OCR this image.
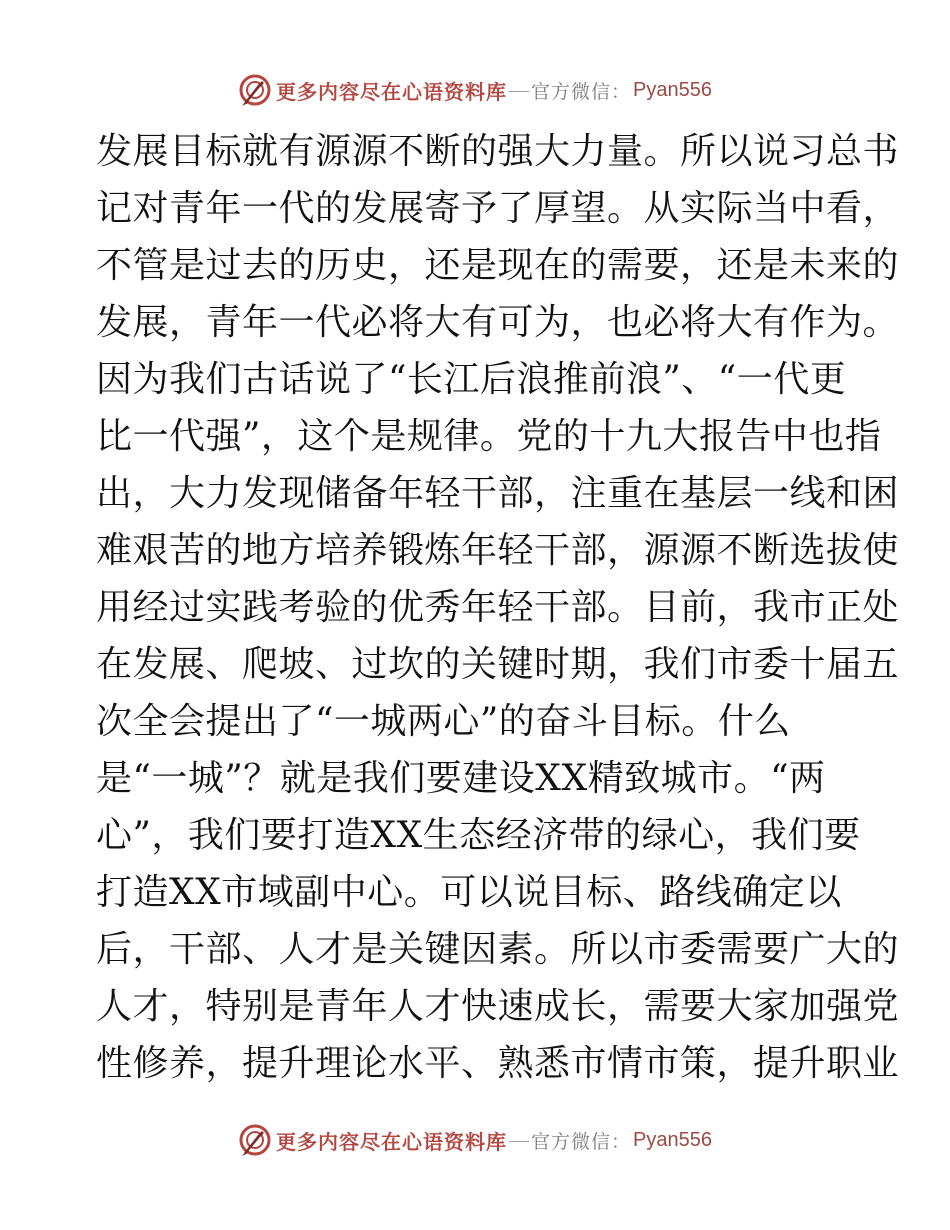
更多内容尽在心语资料库 — 官方微信： Pyan556
发展目标就有源源不断的强大力量。所以说习总书
记对青年一代的发展寄予了厚望。从实际当中看，
不管是过去的历史，还是现在的需要，还是未来的
发展，青年一代必将大有可为，也必将大有作为。
因为我们古话说了“长江后浪推前浪”、“一代更
比一代强”，这个是规律。党的十九大报告中也指
出，大力发现储备年轻干部，注重在基层一线和困
难艰苦的地方培养锻炼年轻干部，源源不断选拔使
用经过实践考验的优秀年轻干部。目前，我市正处
在发展、爬坡、过坎的关键时期，我们市委十届五
次全会提出了“一城两心”的奋斗目标。什么
是“一城”？就是我们要建设XX精致城市。“两
心”，我们要打造XX生态经济带的绿心，我们要
打造XX市域副中心。可以说目标、路线确定以
后，干部、人才是关键因素。所以市委需要广大的
人才，特别是青年人才快速成长，需要大家加强党
性修养，提升理论水平、熟悉市情市策，提升职业
更多内容尽在心语资料库 — 官方微信： Pyan556
